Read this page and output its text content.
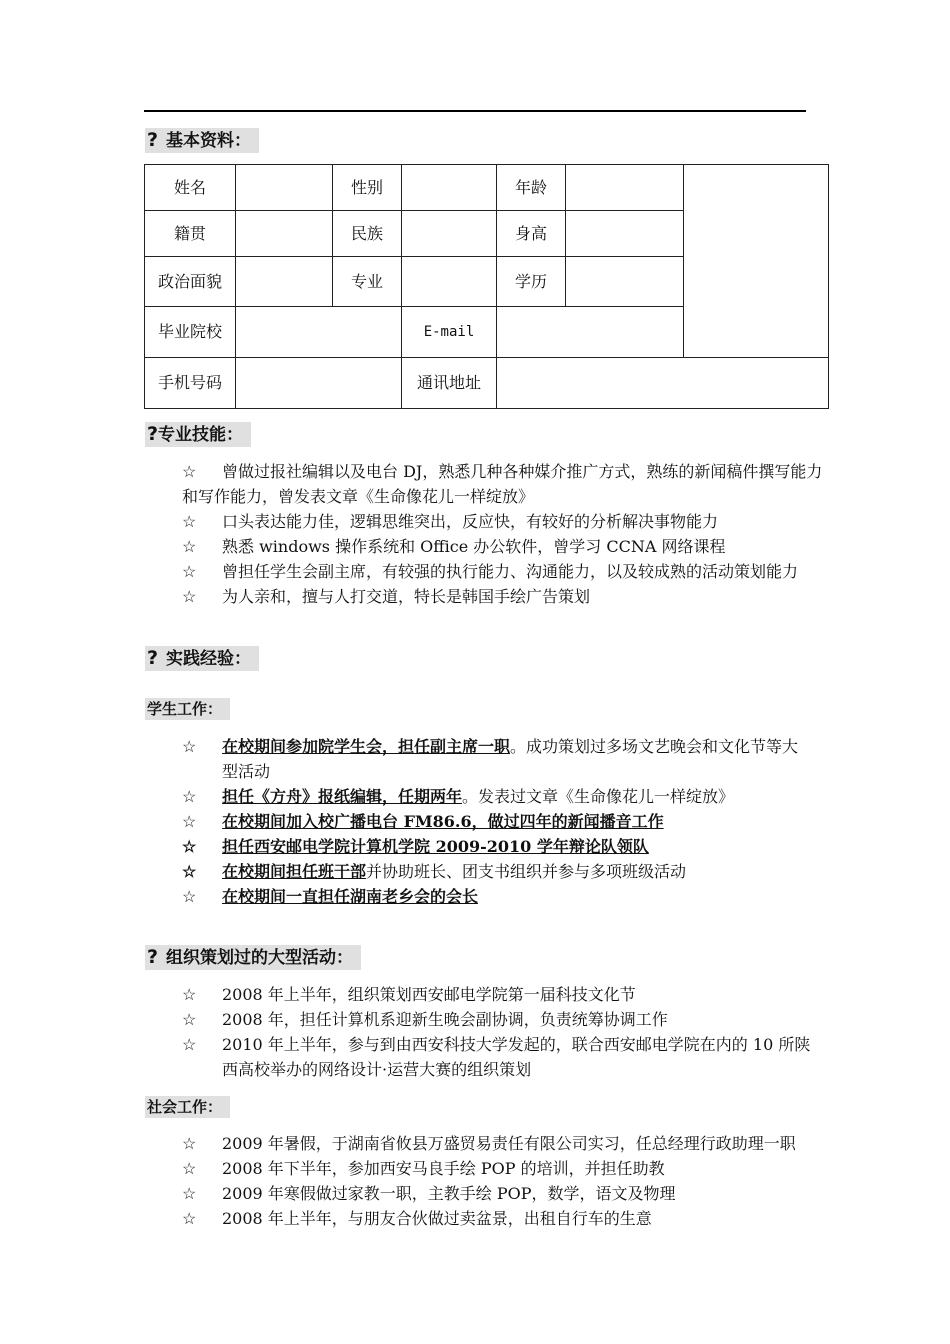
? 基本资料：
姓名		性别		年龄		
籍贯		民族		身高		
政治面貌		专业		学历		
毕业院校			E-mail			
手机号码			通讯地址			
?专业技能：
☆ 曾做过报社编辑以及电台 DJ，熟悉几种各种媒介推广方式，熟练的新闻稿件撰写能力和写作能力，曾发表文章《生命像花儿一样绽放》
☆ 口头表达能力佳，逻辑思维突出，反应快，有较好的分析解决事物能力
☆ 熟悉 windows 操作系统和 Office 办公软件，曾学习 CCNA 网络课程
☆ 曾担任学生会副主席，有较强的执行能力、沟通能力，以及较成熟的活动策划能力
☆ 为人亲和，擅与人打交道，特长是韩国手绘广告策划
? 实践经验：
学生工作：
☆	在校期间参加院学生会，担任副主席一职。成功策划过多场文艺晚会和文化节等大型活动
☆	担任《方舟》报纸编辑，任期两年。发表过文章《生命像花儿一样绽放》
☆	在校期间加入校广播电台 FM86.6，做过四年的新闻播音工作
☆	担任西安邮电学院计算机学院 2009-2010 学年辩论队领队
☆	在校期间担任班干部并协助班长、团支书组织并参与多项班级活动
☆	在校期间一直担任湖南老乡会的会长
? 组织策划过的大型活动：
☆	2008 年上半年，组织策划西安邮电学院第一届科技文化节
☆	2008 年，担任计算机系迎新生晚会副协调，负责统筹协调工作
☆	2010 年上半年，参与到由西安科技大学发起的，联合西安邮电学院在内的 10 所陕西高校举办的网络设计·运营大赛的组织策划
社会工作：
☆	2009 年暑假，于湖南省攸县万盛贸易责任有限公司实习，任总经理行政助理一职
☆	2008 年下半年，参加西安马良手绘 POP 的培训，并担任助教
☆	2009 年寒假做过家教一职，主教手绘 POP，数学，语文及物理
☆	2008 年上半年，与朋友合伙做过卖盆景，出租自行车的生意
